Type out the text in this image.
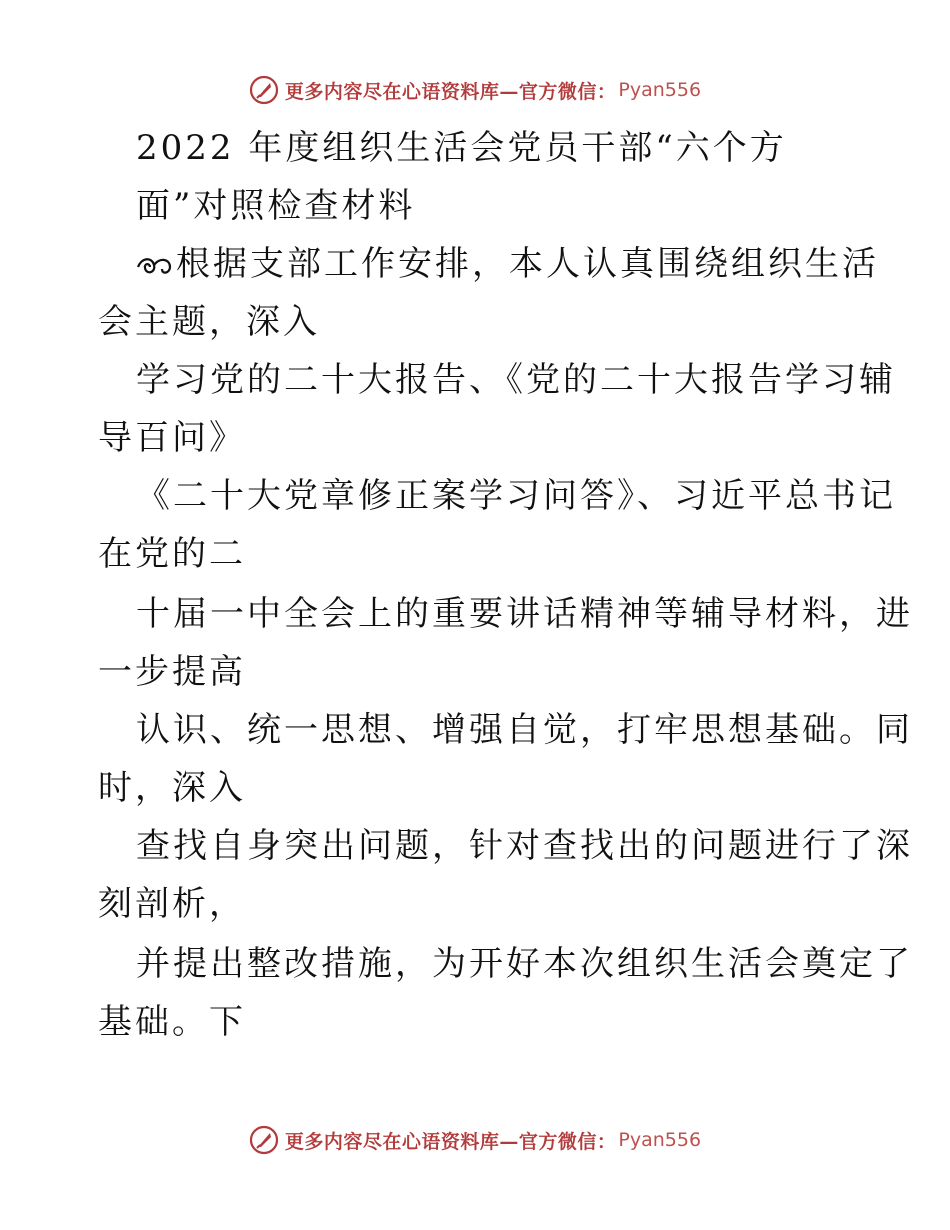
更多内容尽在心语资料库—官方微信： Pyan556
2022 年度组织生活会党员干部“六个方
面”对照检查材料
根据支部工作安排，本人认真围绕组织生活
会主题，深入
学习党的二十大报告、《党的二十大报告学习辅
导百问》
《二十大党章修正案学习问答》、习近平总书记
在党的二
十届一中全会上的重要讲话精神等辅导材料，进
一步提高
认识、统一思想、增强自觉，打牢思想基础。同
时，深入
查找自身突出问题，针对查找出的问题进行了深
刻剖析，
并提出整改措施，为开好本次组织生活会奠定了
基础。下
更多内容尽在心语资料库—官方微信： Pyan556
